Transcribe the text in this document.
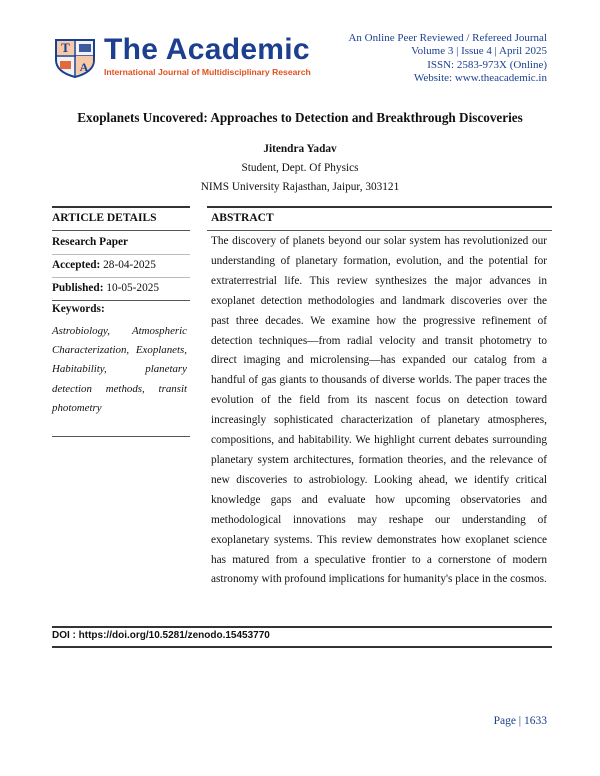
T
A
The Academic
International Journal of Multidisciplinary Research
An Online Peer Reviewed / Refereed Journal
Volume 3 | Issue 4 | April 2025
ISSN: 2583-973X (Online)
Website: www.theacademic.in
Exoplanets Uncovered: Approaches to Detection and Breakthrough Discoveries
Jitendra Yadav
Student, Dept. Of Physics
NIMS University Rajasthan, Jaipur, 303121
ARTICLE DETAILS
Research Paper
Accepted: 28-04-2025
Published: 10-05-2025
Keywords:
Astrobiology, Atmospheric Characterization, Exoplanets, Habitability, planetary detection methods, transit photometry
ABSTRACT
The discovery of planets beyond our solar system has revolutionized our understanding of planetary formation, evolution, and the potential for extraterrestrial life. This review synthesizes the major advances in exoplanet detection methodologies and landmark discoveries over the past three decades. We examine how the progressive refinement of detection techniques—from radial velocity and transit photometry to direct imaging and microlensing—has expanded our catalog from a handful of gas giants to thousands of diverse worlds. The paper traces the evolution of the field from its nascent focus on detection toward increasingly sophisticated characterization of planetary atmospheres, compositions, and habitability. We highlight current debates surrounding planetary system architectures, formation theories, and the relevance of new discoveries to astrobiology. Looking ahead, we identify critical knowledge gaps and evaluate how upcoming observatories and methodological innovations may reshape our understanding of exoplanetary systems. This review demonstrates how exoplanet science has matured from a speculative frontier to a cornerstone of modern astronomy with profound implications for humanity's place in the cosmos.
DOI : https://doi.org/10.5281/zenodo.15453770
Page | 1633
